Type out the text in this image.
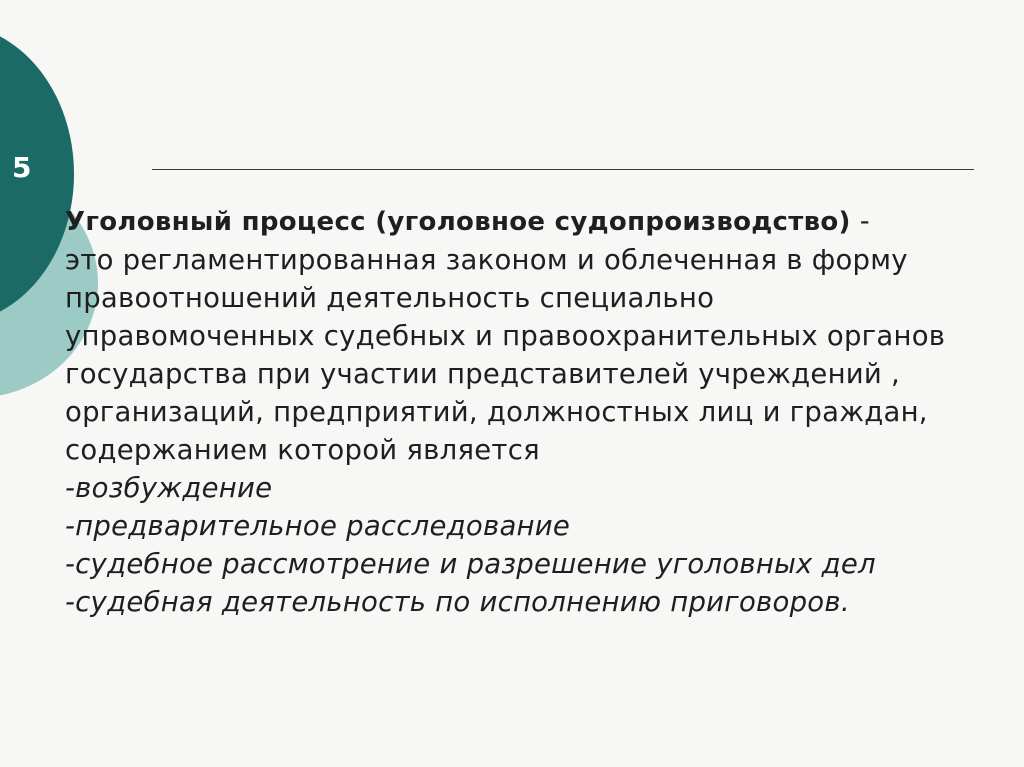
5

Уголовный процесс (уголовное судопроизводство) -
это регламентированная законом и облеченная в форму правоотношений деятельность специально управомоченных судебных и правоохранительных органов государства при участии представителей учреждений , организаций, предприятий, должностных лиц и граждан, содержанием которой является

-возбуждение

-предварительное расследование

-судебное рассмотрение и разрешение уголовных дел

-судебная деятельность по исполнению приговоров.
